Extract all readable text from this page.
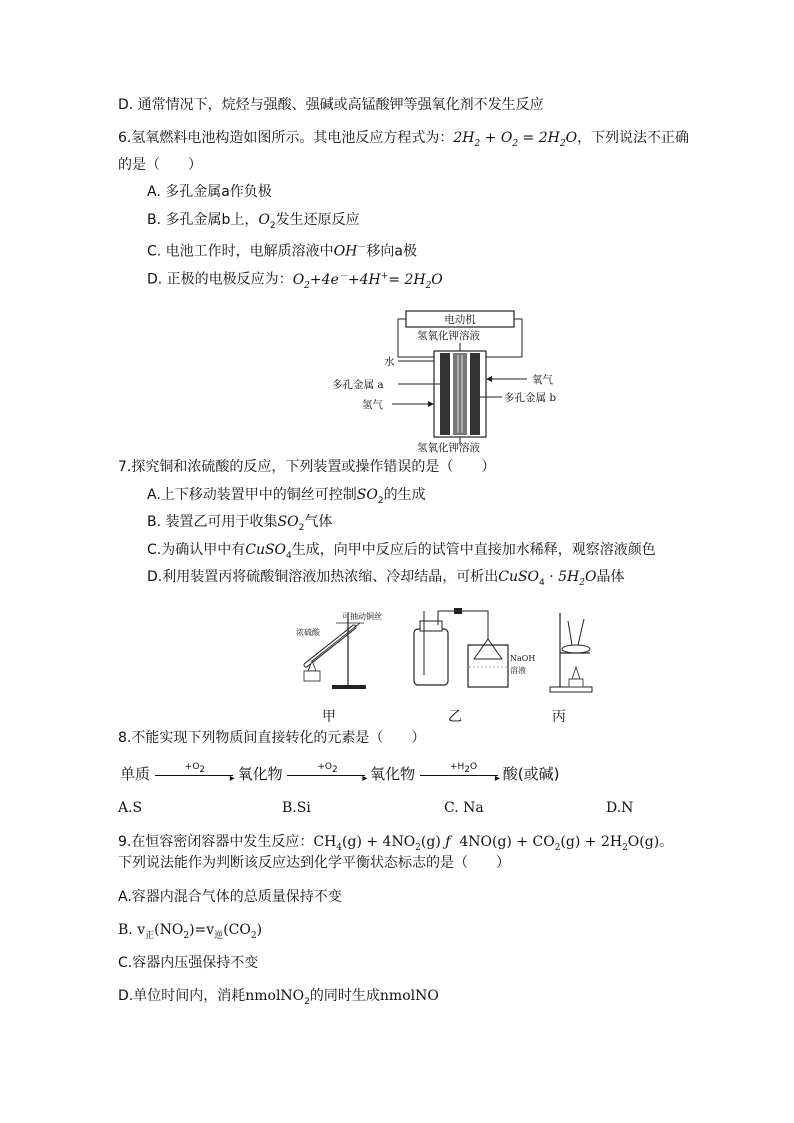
D. 通常情况下，烷烃与强酸、强碱或高锰酸钾等强氧化剂不发生反应
6.氢氧燃料电池构造如图所示。其电池反应方程式为：$2H_2 + O_2 = 2H_2O$，下列说法不正确
的是（　　）
A. 多孔金属a作负极
B. 多孔金属b上，$O_2$发生还原反应
C. 电池工作时，电解质溶液中OH－移向a极
D. 正极的电极反应为：$O_2+4e^-+4H^+= 2H_2O$
电动机
氢氧化钾溶液
水
多孔金属 a
氢气
氧气
多孔金属 b
氢氧化钾溶液
7.探究铜和浓硫酸的反应，下列装置或操作错误的是（　　）
A.上下移动装置甲中的铜丝可控制$SO_2$的生成
B. 装置乙可用于收集$SO_2$气体
C.为确认甲中有CuSO$_4$生成，向甲中反应后的试管中直接加水稀释，观察溶液颜色
D.利用装置丙将硫酸铜溶液加热浓缩、冷却结晶，可析出CuSO$_4$ · $5H_2O$晶体
浓硫酸
可抽动铜丝
NaOH
溶液
甲	乙	丙
8.不能实现下列物质间直接转化的元素是（　　）
单质	$+O_2$
▸ 氧化物	$+O_2$
▸ 氧化物	$+H_2O$
▸ 酸(或碱)
A.S	B.Si	C. Na	D.N
9.在恒容密闭容器中发生反应：$CH_4(g) + 4NO_2(g)$ ƒ $4NO(g) + CO_2(g) + 2H_2O(g)$。
下列说法能作为判断该反应达到化学平衡状态标志的是（　　）
A.容器内混合气体的总质量保持不变
B. $v_正(NO_2)=v_逆(CO_2)$
C.容器内压强保持不变
D.单位时间内，消耗nmolNO$_2$的同时生成nmolNO
